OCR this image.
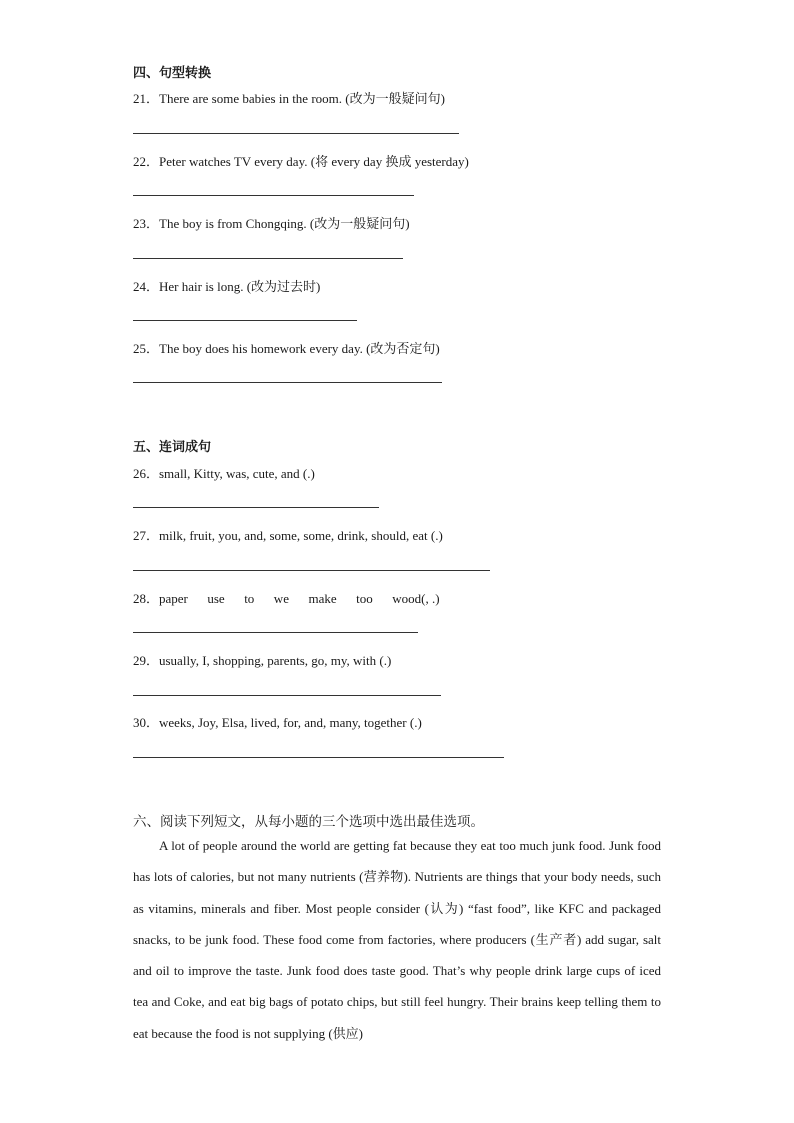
四、句型转换
21．There are some babies in the room. (改为一般疑问句)
22．Peter watches TV every day. (将 every day 换成 yesterday)
23．The boy is from Chongqing. (改为一般疑问句)
24．Her hair is long. (改为过去时)
25．The boy does his homework every day. (改为否定句)
五、连词成句
26．small, Kitty, was, cute, and (.)
27．milk, fruit, you, and, some, some, drink, should, eat (.)
28．paper      use      to      we      make      too      wood(, .)
29．usually, I, shopping, parents, go, my, with (.)
30．weeks, Joy, Elsa, lived, for, and, many, together (.)
六、阅读下列短文，从每小题的三个选项中选出最佳选项。

A lot of people around the world are getting fat because they eat too much junk food. Junk food has lots of calories, but not many nutrients (营养物). Nutrients are things that your body needs, such as vitamins, minerals and fiber. Most people consider (认为) “fast food”, like KFC and packaged snacks, to be junk food. These food come from factories, where producers (生产者) add sugar, salt and oil to improve the taste. Junk food does taste good. That’s why people drink large cups of iced tea and Coke, and eat big bags of potato chips, but still feel hungry. Their brains keep telling them to eat because the food is not supplying (供应)
